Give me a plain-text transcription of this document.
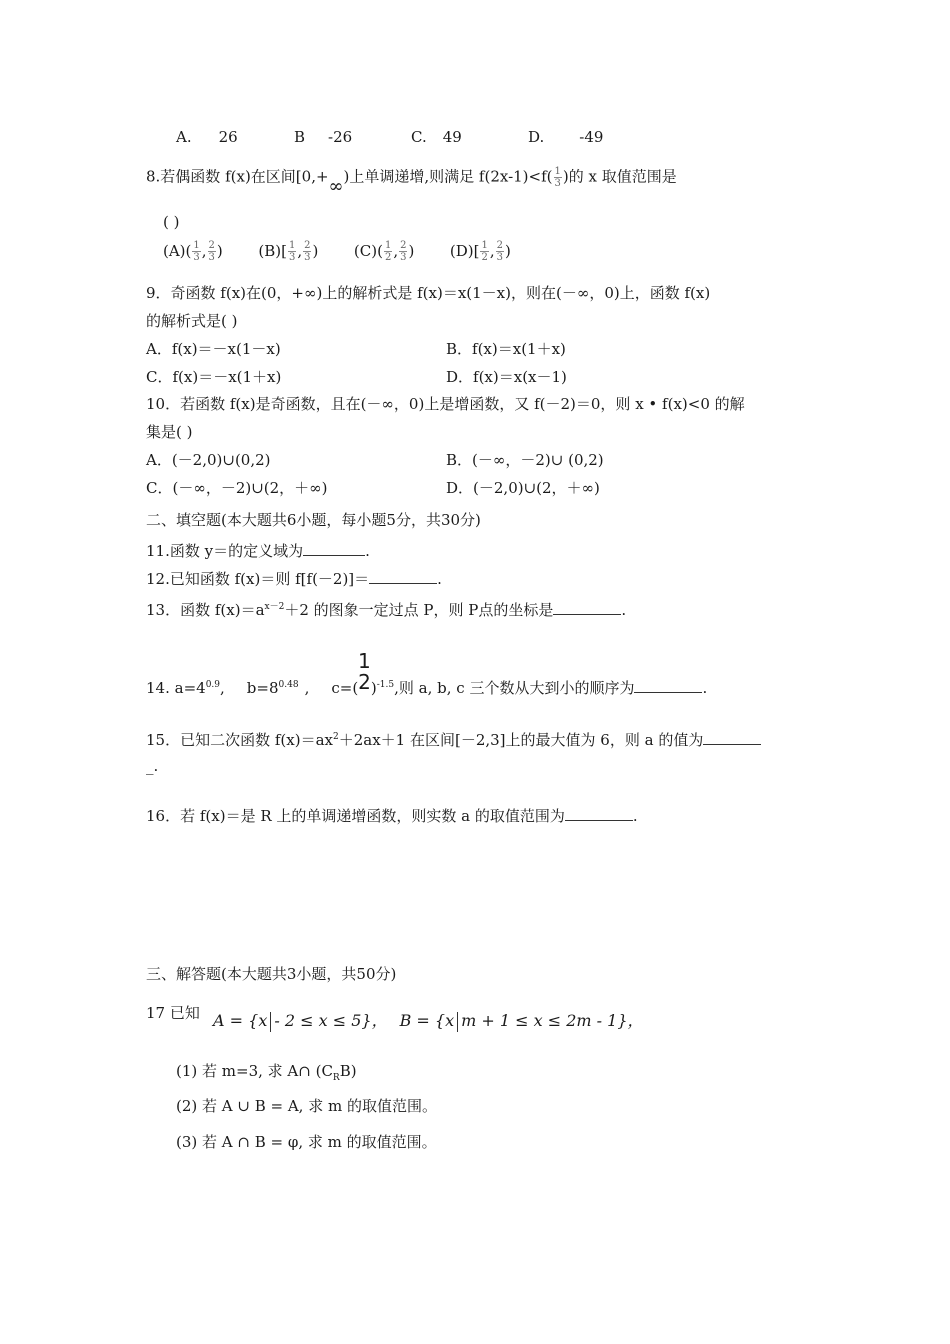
A. 26	B -26	C. 49	D. -49
8.若偶函数 f(x)在区间[0,+∞)上单调递增,则满足 $f(2x-1)<f( \frac{1}{3}$ )的 x 取值范围是
( )
$(A)( \frac{1}{3}$ , $\frac{2}{3}$ ) $(B)[ \frac{1}{3}$ , $\frac{2}{3}$ ) $(C)( \frac{1}{2}$ , $\frac{2}{3}$ ) $(D)[ \frac{1}{2}$ , $\frac{2}{3}$ )
9．奇函数 f(x)在(0，+∞)上的解析式是 f(x)＝x(1－x)，则在(－∞，0)上，函数 f(x)
的解析式是( )
A．f(x)＝－x(1－x)	B．f(x)＝x(1＋x)
C．f(x)＝－x(1＋x)	D．f(x)＝x(x－1)
10．若函数 f(x)是奇函数，且在(－∞，0)上是增函数，又 f(－2)＝0，则 x • f(x)<0 的解
集是( )
A．(－2,0)∪(0,2)	B．(－∞，－2)∪ (0,2)
C．(－∞，－2)∪(2，＋∞)	D．(－2,0)∪(2，＋∞)
二、填空题(本大题共6小题，每小题5分，共30分)
11.函数 y＝的定义域为	.
12.已知函数 f(x)＝则 f[f(－2)]＝	.
13．函数 $f(x)=a^{x-2}+2$ 的图象一定过点 P，则 P点的坐标是	.
1
14. $a=4^{0.9}$, $b=8^{0.48}$ , $c=(2)^{-1.5}$,则 a, b, c 三个数从大到小的顺序为	.
15．已知二次函数 $f(x)=ax^2+2ax+1$ 在区间[－2,3]上的最大值为 6，则 a 的值为
_.
16．若 f(x)＝是 R 上的单调递增函数，则实数 a 的取值范围为	.
三、解答题(本大题共3小题，共50分)
17 已知 A = {x - 2 ≤ x ≤ 5}， B = {x m + 1 ≤ x ≤ 2m - 1}，
(1) 若 m=3, 求 A∩ $(C_RB)$
(2) 若 A ∪ B = A, 求 m 的取值范围。
(3) 若 A ∩ B = φ, 求 m 的取值范围。
